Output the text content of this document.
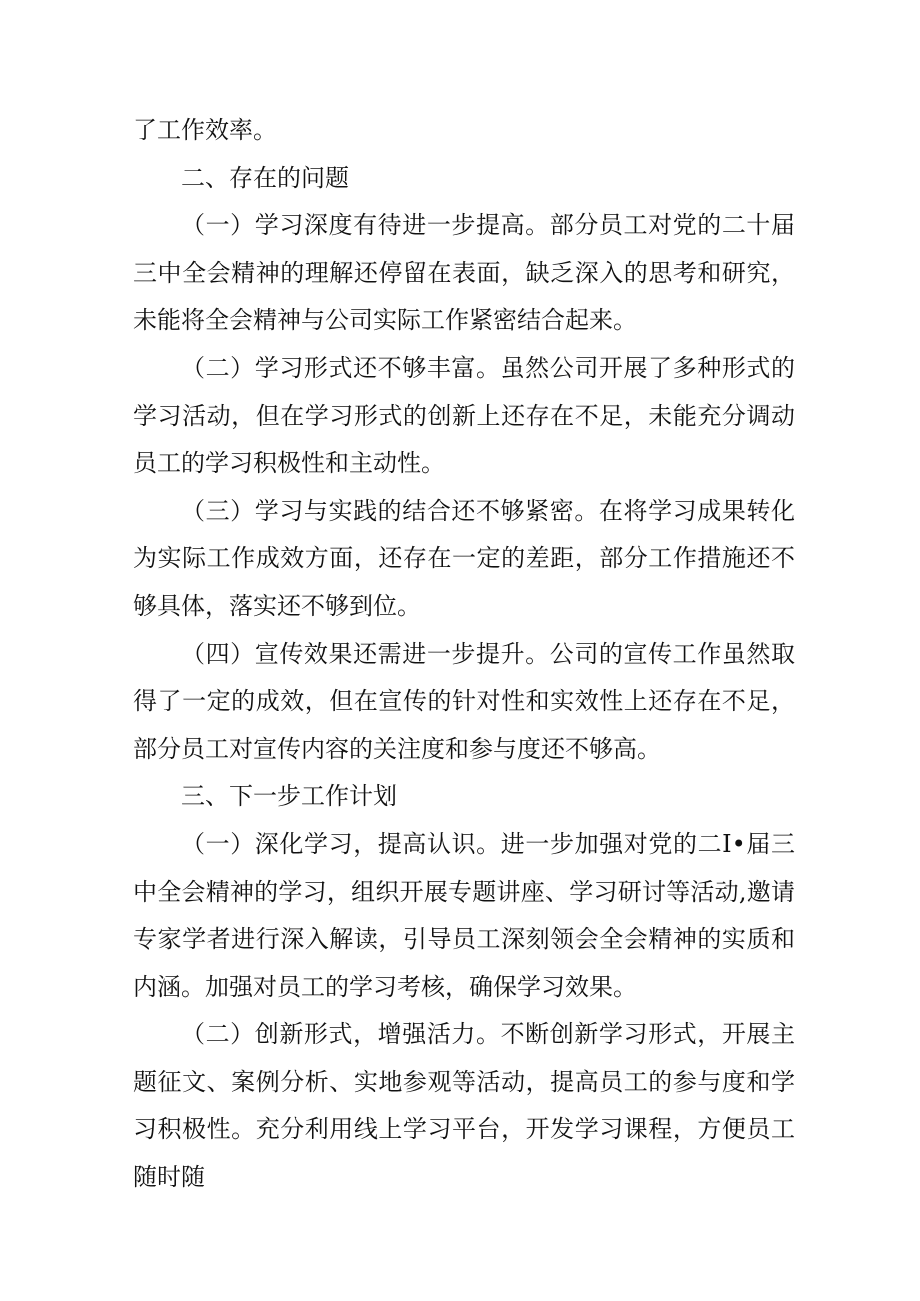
了工作效率。

二、存在的问题

（一）学习深度有待进一步提高。部分员工对党的二十届三中全会精神的理解还停留在表面，缺乏深入的思考和研究，未能将全会精神与公司实际工作紧密结合起来。

（二）学习形式还不够丰富。虽然公司开展了多种形式的学习活动，但在学习形式的创新上还存在不足，未能充分调动员工的学习积极性和主动性。

（三）学习与实践的结合还不够紧密。在将学习成果转化为实际工作成效方面，还存在一定的差距，部分工作措施还不够具体，落实还不够到位。

（四）宣传效果还需进一步提升。公司的宣传工作虽然取得了一定的成效，但在宣传的针对性和实效性上还存在不足，部分员工对宣传内容的关注度和参与度还不够高。

三、下一步工作计划

（一）深化学习，提高认识。进一步加强对党的二I•届三中全会精神的学习，组织开展专题讲座、学习研讨等活动,邀请专家学者进行深入解读，引导员工深刻领会全会精神的实质和内涵。加强对员工的学习考核，确保学习效果。

（二）创新形式，增强活力。不断创新学习形式，开展主题征文、案例分析、实地参观等活动，提高员工的参与度和学习积极性。充分利用线上学习平台，开发学习课程，方便员工随时随
